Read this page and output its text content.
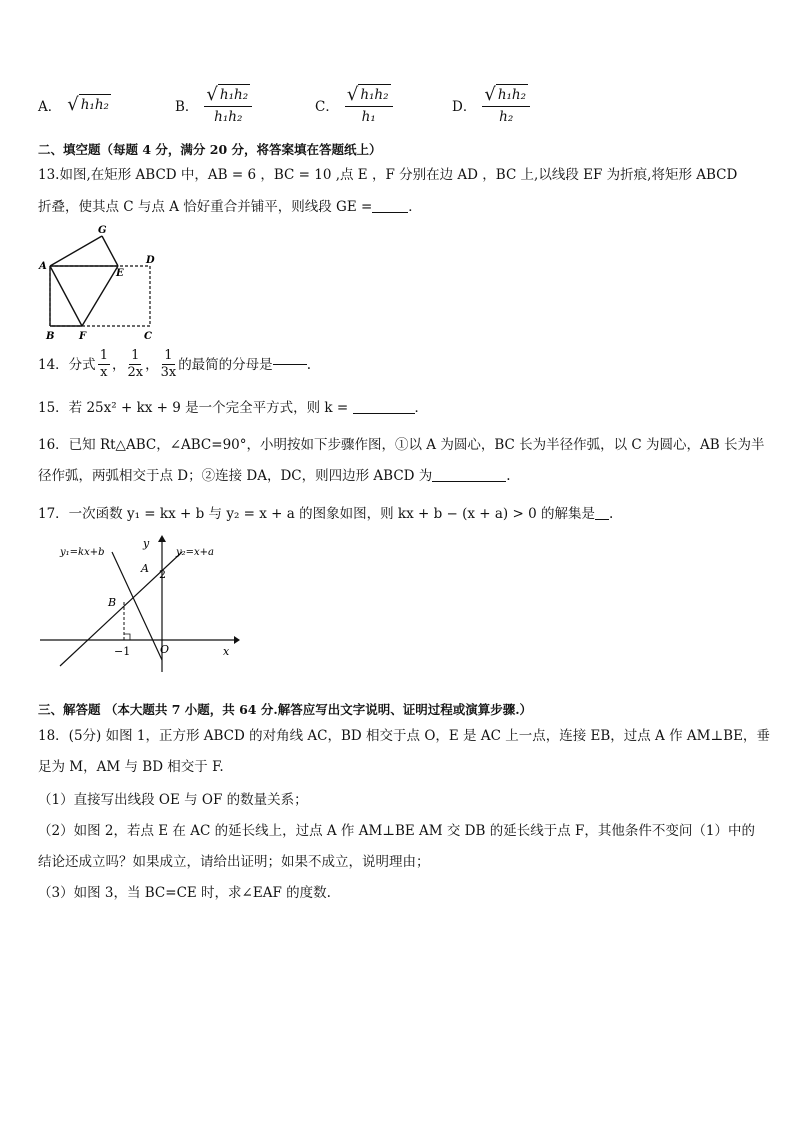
A． √ h₁h₂	B． $\frac{\text{√ h₁h₂}}{\text{h₁h₂}}$	C． $\frac{\text{√ h₁h₂}}{\text{h₁}}$	D． $\frac{\text{√ h₁h₂}}{\text{h₂}}$
二、填空题（每题 4 分，满分 20 分，将答案填在答题纸上）
13.如图,在矩形 ABCD 中，AB = 6 ，BC = 10 ,点 E ，F 分别在边 AD ，BC 上,以线段 EF 为折痕,将矩形 ABCD
折叠，使其点 C 与点 A 恰好重合并铺平，则线段 GE =	．
G
A
E
D
B F	C
14．分式 $\frac{1}{x}$ ， $\frac{1}{2x}$ ， $\frac{1}{3x}$ 的最简的分母是	.
15．若 25x² + kx + 9 是一个完全平方式，则 k =	．
16．已知 Rt△ABC，∠ABC=90°，小明按如下步骤作图，①以 A 为圆心，BC 长为半径作弧，以 C 为圆心，AB 长为半
径作弧，两弧相交于点 D；②连接 DA，DC，则四边形 ABCD 为	.
17．一次函数 y₁ = kx + b 与 y₂ = x + a 的图象如图，则 kx + b − (x + a) > 0 的解集是 .
y₁=kx+b	y₂=x+a
y
x
A
B
O
2
−1
三、解答题 （本大题共 7 小题，共 64 分.解答应写出文字说明、证明过程或演算步骤.）
18．(5分) 如图 1，正方形 ABCD 的对角线 AC，BD 相交于点 O，E 是 AC 上一点，连接 EB，过点 A 作 AM⊥BE，垂
足为 M，AM 与 BD 相交于 F.
（1）直接写出线段 OE 与 OF 的数量关系；
（2）如图 2，若点 E 在 AC 的延长线上，过点 A 作 AM⊥BE AM 交 DB 的延长线于点 F，其他条件不变问（1）中的
结论还成立吗？如果成立，请给出证明；如果不成立，说明理由；
（3）如图 3，当 BC=CE 时，求∠EAF 的度数.
